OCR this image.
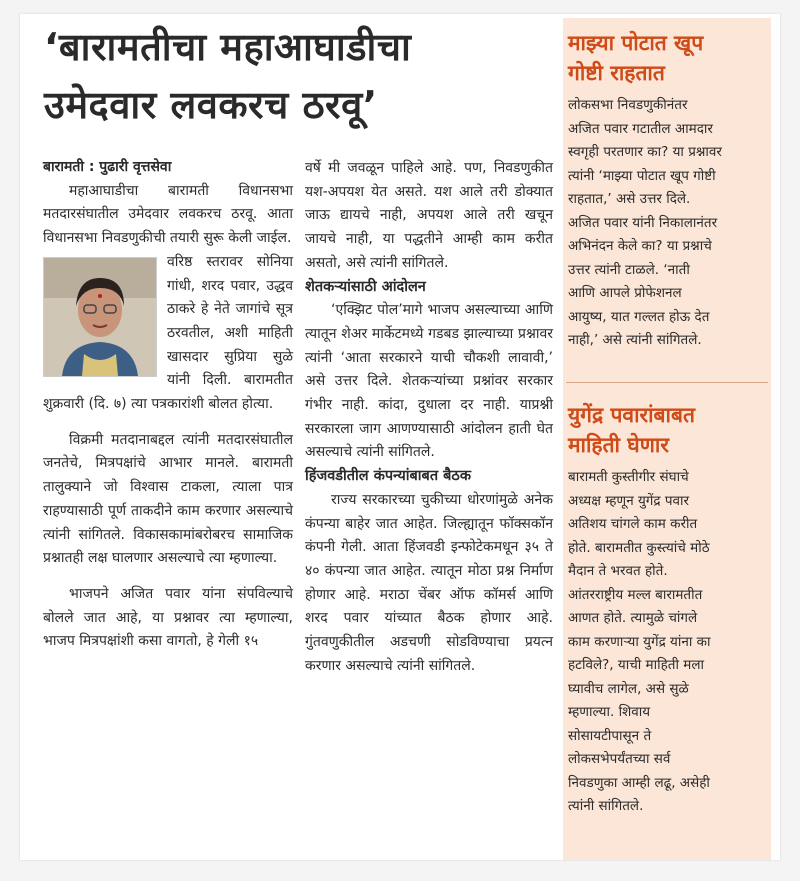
‘बारामतीचा महाआघाडीचा
उमेदवार लवकरच ठरवू’

बारामती : पुढारी वृत्तसेवा

महाआघाडीचा बारामती विधानसभा मतदारसंघातील उमेदवार लवकरच ठरवू. आता विधानसभा निवडणुकीची तयारी सुरू केली जाईल.

वरिष्ठ स्तरावर सोनिया गांधी, शरद पवार, उद्धव ठाकरे हे नेते जागांचे सूत्र ठरवतील, अशी माहिती खासदार सुप्रिया सुळे यांनी दिली. बारामतीत शुक्रवारी (दि. ७) त्या पत्रकारांशी बोलत होत्या.

विक्रमी मतदानाबद्दल त्यांनी मतदारसंघातील जनतेचे, मित्रपक्षांचे आभार मानले. बारामती तालुक्याने जो विश्वास टाकला, त्याला पात्र राहण्यासाठी पूर्ण ताकदीने काम करणार असल्याचे त्यांनी सांगितले. विकासकामांबरोबरच सामाजिक प्रश्नातही लक्ष घालणार असल्याचे त्या म्हणाल्या.

भाजपने अजित पवार यांना संपविल्याचे बोलले जात आहे, या प्रश्नावर त्या म्हणाल्या, भाजप मित्रपक्षांशी कसा वागतो, हे गेली १५

वर्षे मी जवळून पाहिले आहे. पण, निवडणुकीत यश-अपयश येत असते. यश आले तरी डोक्यात जाऊ द्यायचे नाही, अपयश आले तरी खचून जायचे नाही, या पद्धतीने आम्ही काम करीत असतो, असे त्यांनी सांगितले.

शेतकऱ्यांसाठी आंदोलन

‘एक्झिट पोल’मागे भाजप असल्याच्या आणि त्यातून शेअर मार्केटमध्ये गडबड झाल्याच्या प्रश्नावर त्यांनी ‘आता सरकारने याची चौकशी लावावी,’ असे उत्तर दिले. शेतकऱ्यांच्या प्रश्नांवर सरकार गंभीर नाही. कांदा, दुधाला दर नाही. याप्रश्नी सरकारला जाग आणण्यासाठी आंदोलन हाती घेत असल्याचे त्यांनी सांगितले.

हिंजवडीतील कंपन्यांबाबत बैठक

राज्य सरकारच्या चुकीच्या धोरणांमुळे अनेक कंपन्या बाहेर जात आहेत. जिल्ह्यातून फॉक्सकॉन कंपनी गेली. आता हिंजवडी इन्फोटेकमधून ३५ ते ४० कंपन्या जात आहेत. त्यातून मोठा प्रश्न निर्माण होणार आहे. मराठा चेंबर ऑफ कॉमर्स आणि शरद पवार यांच्यात बैठक होणार आहे. गुंतवणुकीतील अडचणी सोडविण्याचा प्रयत्न करणार असल्याचे त्यांनी सांगितले.

माझ्या पोटात खूप
गोष्टी राहतात
लोकसभा निवडणुकीनंतर
अजित पवार गटातील आमदार
स्वगृही परतणार का? या प्रश्नावर
त्यांनी ‘माझ्या पोटात खूप गोष्टी
राहतात,’ असे उत्तर दिले.
अजित पवार यांनी निकालानंतर
अभिनंदन केले का? या प्रश्नाचे
उत्तर त्यांनी टाळले. ‘नाती
आणि आपले प्रोफेशनल
आयुष्य, यात गल्लत होऊ देत
नाही,’ असे त्यांनी सांगितले.
युगेंद्र पवारांबाबत
माहिती घेणार
बारामती कुस्तीगीर संघाचे
अध्यक्ष म्हणून युगेंद्र पवार
अतिशय चांगले काम करीत
होते. बारामतीत कुस्त्यांचे मोठे
मैदान ते भरवत होते.
आंतरराष्ट्रीय मल्ल बारामतीत
आणत होते. त्यामुळे चांगले
काम करणाऱ्या युगेंद्र यांना का
हटविले?, याची माहिती मला
घ्यावीच लागेल, असे सुळे
म्हणाल्या. शिवाय
सोसायटीपासून ते
लोकसभेपर्यंतच्या सर्व
निवडणुका आम्ही लढू, असेही
त्यांनी सांगितले.
